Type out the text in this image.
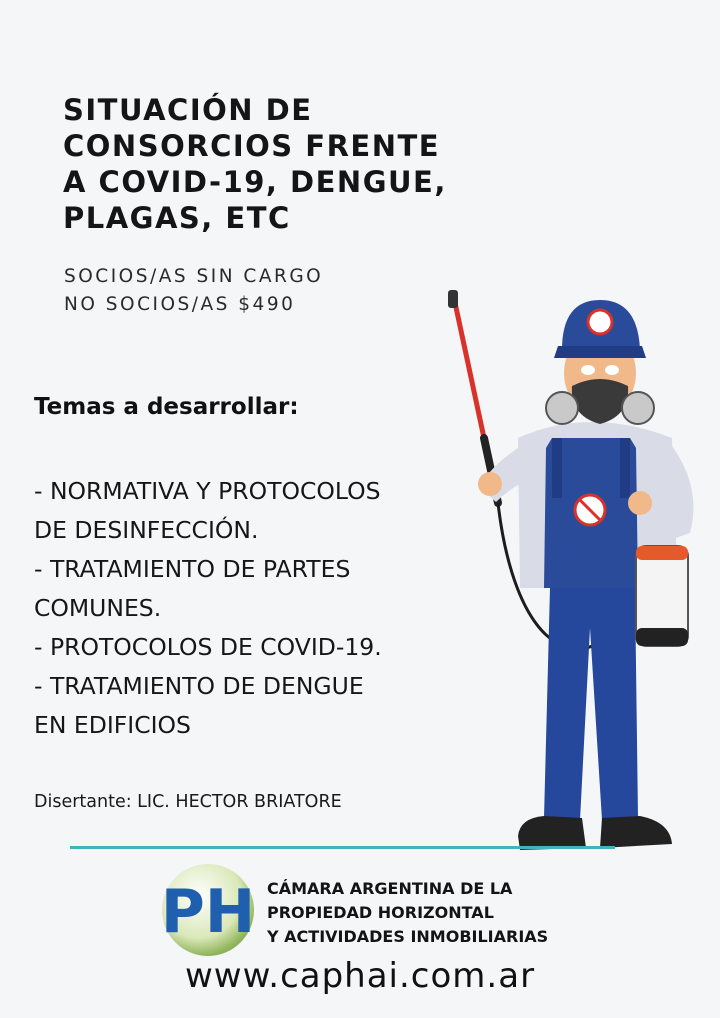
SITUACIÓN DE
CONSORCIOS FRENTE
A COVID-19, DENGUE,
PLAGAS, ETC
SOCIOS/AS SIN CARGO
NO SOCIOS/AS $490
Temas a desarrollar:
- NORMATIVA Y PROTOCOLOS
DE DESINFECCIÓN.
- TRATAMIENTO DE PARTES
COMUNES.
- PROTOCOLOS DE COVID-19.
- TRATAMIENTO DE DENGUE
EN EDIFICIOS
Disertante: LIC. HECTOR BRIATORE
PH CÁMARA ARGENTINA DE LA
PROPIEDAD HORIZONTAL
Y ACTIVIDADES INMOBILIARIAS
www.caphai.com.ar
